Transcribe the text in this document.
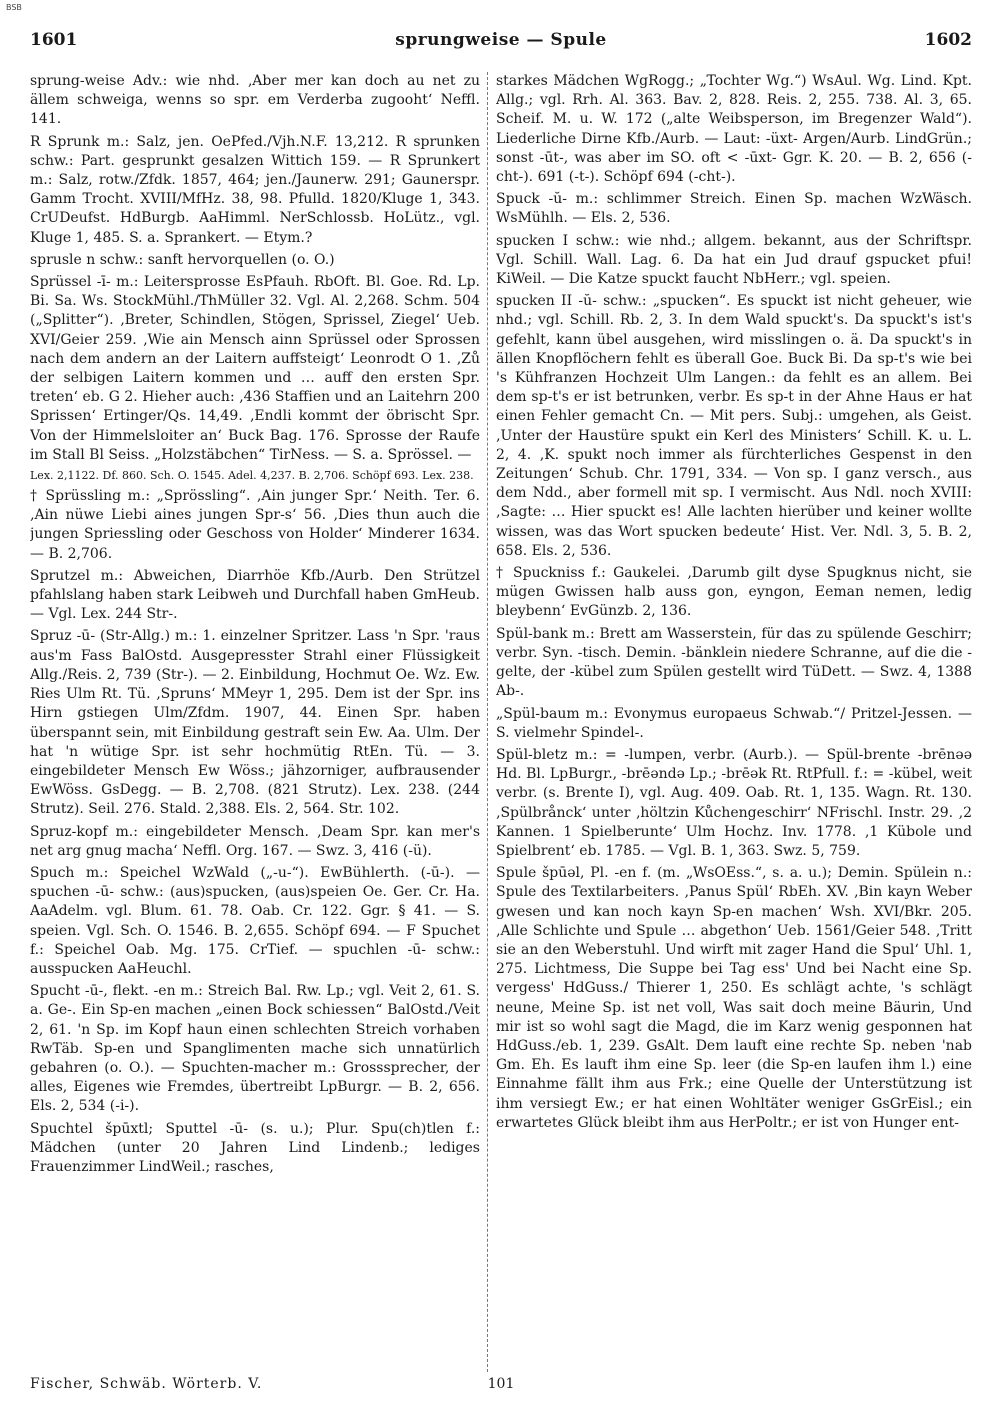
BSB
1601	sprungweise — Spule	1602

sprung-weise Adv.: wie nhd. ‚Aber mer kan doch au net zu ällem schweiga, wenns so spr. em Verderba zugooht‘ Neffl. 141.

R Sprunk m.: Salz, jen. OePfed./Vjh.N.F. 13,212. R sprunken schw.: Part. gesprunkt gesalzen Wittich 159. — R Sprunkert m.: Salz, rotw./Zfdk. 1857, 464; jen./Jaunerw. 291; Gaunerspr. Gamm Trocht. XVIII/MfHz. 38, 98. Pfulld. 1820/Kluge 1, 343. CrUDeufst. HdBurgb. AaHimml. NerSchlossb. HoLütz., vgl. Kluge 1, 485. S. a. Sprankert. — Etym.?

sprusle n schw.: sanft hervorquellen (o. O.)

Sprüssel -ī- m.: Leitersprosse EsPfauh. RbOft. Bl. Goe. Rd. Lp. Bi. Sa. Ws. StockMühl./ThMüller 32. Vgl. Al. 2,268. Schm. 504 („Splitter“). ‚Breter, Schindlen, Stögen, Sprissel, Ziegel‘ Ueb. XVI/Geier 259. ‚Wie ain Mensch ainn Sprüssel oder Sprossen nach dem andern an der Laitern auffsteigt‘ Leonrodt O 1. ‚Zů der selbigen Laitern kommen und … auff den ersten Spr. treten‘ eb. G 2. Hieher auch: ‚436 Staffien und an Laitehrn 200 Sprissen‘ Ertinger/Qs. 14,49. ‚Endli kommt der öbrischt Spr. Von der Himmelsloiter an‘ Buck Bag. 176. Sprosse der Raufe im Stall Bl Seiss. „Holzstäbchen“ TirNess. — S. a. Sprössel. —

Lex. 2,1122. Df. 860. Sch. O. 1545. Adel. 4,237. B. 2,706. Schöpf 693. Lex. 238.

† Sprüssling m.: „Sprössling“. ‚Ain junger Spr.‘ Neith. Ter. 6. ‚Ain nüwe Liebi aines jungen Spr-s‘ 56. ‚Dies thun auch die jungen Spriessling oder Geschoss von Holder‘ Minderer 1634. — B. 2,706.

Sprutzel m.: Abweichen, Diarrhöe Kfb./Aurb. Den Strützel pfahlslang haben stark Leibweh und Durchfall haben GmHeub. — Vgl. Lex. 244 Str-.

Spruz -ū- (Str-Allg.) m.: 1. einzelner Spritzer. Lass 'n Spr. 'raus aus'm Fass BalOstd. Ausgepresster Strahl einer Flüssigkeit Allg./Reis. 2, 739 (Str-). — 2. Einbildung, Hochmut Oe. Wz. Ew. Ries Ulm Rt. Tü. ‚Spruns‘ MMeyr 1, 295. Dem ist der Spr. ins Hirn gstiegen Ulm/Zfdm. 1907, 44. Einen Spr. haben überspannt sein, mit Einbildung gestraft sein Ew. Aa. Ulm. Der hat 'n wütige Spr. ist sehr hochmütig RtEn. Tü. — 3. eingebildeter Mensch Ew Wöss.; jähzorniger, aufbrausender EwWöss. GsDegg. — B. 2,708. (821 Strutz). Lex. 238. (244 Strutz). Seil. 276. Stald. 2,388. Els. 2, 564. Str. 102.

Spruz-kopf m.: eingebildeter Mensch. ‚Deam Spr. kan mer's net arg gnug macha‘ Neffl. Org. 167. — Swz. 3, 416 (-ü).

Spuch m.: Speichel WzWald („-u-“). EwBühlerth. (-ū-). — spuchen -ū- schw.: (aus)spucken, (aus)speien Oe. Ger. Cr. Ha. AaAdelm. vgl. Blum. 61. 78. Oab. Cr. 122. Ggr. § 41. — S. speien. Vgl. Sch. O. 1546. B. 2,655. Schöpf 694. — F Spuchet f.: Speichel Oab. Mg. 175. CrTief. — spuchlen -ū- schw.: ausspucken AaHeuchl.

Spucht -ū-, flekt. -en m.: Streich Bal. Rw. Lp.; vgl. Veit 2, 61. S. a. Ge-. Ein Sp-en machen „einen Bock schiessen“ BalOstd./Veit 2, 61. 'n Sp. im Kopf haun einen schlechten Streich vorhaben RwTäb. Sp-en und Spanglimenten mache sich unnatürlich gebahren (o. O.). — Spuchten-macher m.: Grosssprecher, der alles, Eigenes wie Fremdes, übertreibt LpBurgr. — B. 2, 656. Els. 2, 534 (-i-).

Spuchtel špūxtl; Sputtel -ū- (s. u.); Plur. Spu(ch)tlen f.: Mädchen (unter 20 Jahren Lind Lindenb.; lediges Frauenzimmer LindWeil.; rasches,

starkes Mädchen WgRogg.; „Tochter Wg.“) WsAul. Wg. Lind. Kpt. Allg.; vgl. Rrh. Al. 363. Bav. 2, 828. Reis. 2, 255. 738. Al. 3, 65. Scheif. M. u. W. 172 („alte Weibsperson, im Bregenzer Wald“). Liederliche Dirne Kfb./Aurb. — Laut: -üxt- Argen/Aurb. LindGrün.; sonst -ūt-, was aber im SO. oft < -ūxt- Ggr. K. 20. — B. 2, 656 (-cht-). 691 (-t-). Schöpf 694 (-cht-).

Spuck -ŭ- m.: schlimmer Streich. Einen Sp. machen WzWäsch. WsMühlh. — Els. 2, 536.

spucken I schw.: wie nhd.; allgem. bekannt, aus der Schriftspr. Vgl. Schill. Wall. Lag. 6. Da hat ein Jud drauf gspucket pfui! KiWeil. — Die Katze spuckt faucht NbHerr.; vgl. speien.

spucken II -ŭ- schw.: „spucken“. Es spuckt ist nicht geheuer, wie nhd.; vgl. Schill. Rb. 2, 3. In dem Wald spuckt's. Da spuckt's ist's gefehlt, kann übel ausgehen, wird misslingen o. ä. Da spuckt's in ällen Knopflöchern fehlt es überall Goe. Buck Bi. Da sp-t's wie bei 's Kühfranzen Hochzeit Ulm Langen.: da fehlt es an allem. Bei dem sp-t's er ist betrunken, verbr. Es sp-t in der Ahne Haus er hat einen Fehler gemacht Cn. — Mit pers. Subj.: umgehen, als Geist. ‚Unter der Haustüre spukt ein Kerl des Ministers‘ Schill. K. u. L. 2, 4. ‚K. spukt noch immer als fürchterliches Gespenst in den Zeitungen‘ Schub. Chr. 1791, 334. — Von sp. I ganz versch., aus dem Ndd., aber formell mit sp. I vermischt. Aus Ndl. noch XVIII: ‚Sagte: … Hier spuckt es! Alle lachten hierüber und keiner wollte wissen, was das Wort spucken bedeute‘ Hist. Ver. Ndl. 3, 5. B. 2, 658. Els. 2, 536.

† Spuckniss f.: Gaukelei. ‚Darumb gilt dyse Spugknus nicht, sie mügen Gwissen halb auss gon, eyngon, Eeman nemen, ledig bleybenn‘ EvGünzb. 2, 136.

Spül-bank m.: Brett am Wasserstein, für das zu spülende Geschirr; verbr. Syn. -tisch. Demin. -bänklein niedere Schranne, auf die die -gelte, der -kübel zum Spülen gestellt wird TüDett. — Swz. 4, 1388 Ab-.

„Spül-baum m.: Evonymus europaeus Schwab.“/ Pritzel-Jessen. — S. vielmehr Spindel-.

Spül-bletz m.: = -lumpen, verbr. (Aurb.). — Spül-brente -brēnəə Hd. Bl. LpBurgr., -brēəndə Lp.; -brēək Rt. RtPfull. f.: = -kübel, weit verbr. (s. Brente I), vgl. Aug. 409. Oab. Rt. 1, 135. Wagn. Rt. 130. ‚Spülbrånck‘ unter ‚höltzin Kůchengeschirr‘ NFrischl. Instr. 29. ‚2 Kannen. 1 Spielberunte‘ Ulm Hochz. Inv. 1778. ‚1 Kübole und Spielbrent‘ eb. 1785. — Vgl. B. 1, 363. Swz. 5, 759.

Spule špūəl, Pl. -en f. (m. „WsOEss.“, s. a. u.); Demin. Spülein n.: Spule des Textilarbeiters. ‚Panus Spül‘ RbEh. XV. ‚Bin kayn Weber gwesen und kan noch kayn Sp-en machen‘ Wsh. XVI/Bkr. 205. ‚Alle Schlichte und Spule … abgethon‘ Ueb. 1561/Geier 548. ‚Tritt sie an den Weberstuhl. Und wirft mit zager Hand die Spul‘ Uhl. 1, 275. Lichtmess, Die Suppe bei Tag ess' Und bei Nacht eine Sp. vergess' HdGuss./ Thierer 1, 250. Es schlägt achte, 's schlägt neune, Meine Sp. ist net voll, Was sait doch meine Bäurin, Und mir ist so wohl sagt die Magd, die im Karz wenig gesponnen hat HdGuss./eb. 1, 239. GsAlt. Dem lauft eine rechte Sp. neben 'nab Gm. Eh. Es lauft ihm eine Sp. leer (die Sp-en laufen ihm l.) eine Einnahme fällt ihm aus Frk.; eine Quelle der Unterstützung ist ihm versiegt Ew.; er hat einen Wohltäter weniger GsGrEisl.; ein erwartetes Glück bleibt ihm aus HerPoltr.; er ist von Hunger ent-

Fischer, Schwäb. Wörterb. V.	101
